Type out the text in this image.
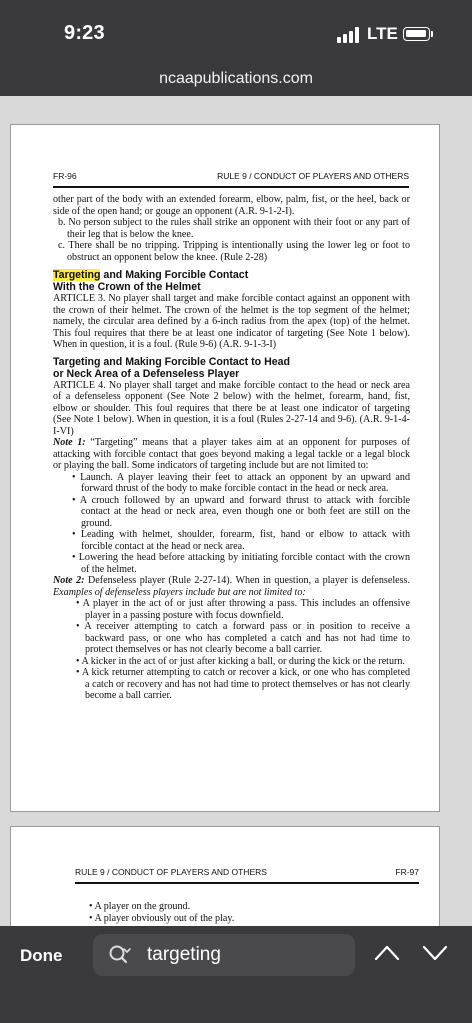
9:23	LTE
ncaapublications.com
FR-96	RULE 9 / CONDUCT OF PLAYERS AND OTHERS

other part of the body with an extended forearm, elbow, palm, fist, or the heel, back or side of the open hand; or gouge an opponent (A.R. 9-1-2-I).

b. No person subject to the rules shall strike an opponent with their foot or any part of their leg that is below the knee.

c. There shall be no tripping. Tripping is intentionally using the lower leg or foot to obstruct an opponent below the knee. (Rule 2-28)

Targeting and Making Forcible Contact
With the Crown of the Helmet

ARTICLE 3. No player shall target and make forcible contact against an opponent with the crown of their helmet. The crown of the helmet is the top segment of the helmet; namely, the circular area defined by a 6-inch radius from the apex (top) of the helmet. This foul requires that there be at least one indicator of targeting (See Note 1 below). When in question, it is a foul. (Rule 9-6) (A.R. 9-1-3-I)

Targeting and Making Forcible Contact to Head
or Neck Area of a Defenseless Player

ARTICLE 4. No player shall target and make forcible contact to the head or neck area of a defenseless opponent (See Note 2 below) with the helmet, forearm, hand, fist, elbow or shoulder. This foul requires that there be at least one indicator of targeting (See Note 1 below). When in question, it is a foul (Rules 2-27-14 and 9-6). (A.R. 9-1-4-I-VI)

Note 1: “Targeting” means that a player takes aim at an opponent for purposes of attacking with forcible contact that goes beyond making a legal tackle or a legal block or playing the ball. Some indicators of targeting include but are not limited to:

• Launch. A player leaving their feet to attack an opponent by an upward and forward thrust of the body to make forcible contact in the head or neck area.

• A crouch followed by an upward and forward thrust to attack with forcible contact at the head or neck area, even though one or both feet are still on the ground.

• Leading with helmet, shoulder, forearm, fist, hand or elbow to attack with forcible contact at the head or neck area.

• Lowering the head before attacking by initiating forcible contact with the crown of the helmet.

Note 2: Defenseless player (Rule 2-27-14). When in question, a player is defenseless. Examples of defenseless players include but are not limited to:

• A player in the act of or just after throwing a pass. This includes an offensive player in a passing posture with focus downfield.

• A receiver attempting to catch a forward pass or in position to receive a backward pass, or one who has completed a catch and has not had time to protect themselves or has not clearly become a ball carrier.

• A kicker in the act of or just after kicking a ball, or during the kick or the return.

• A kick returner attempting to catch or recover a kick, or one who has completed a catch or recovery and has not had time to protect themselves or has not clearly become a ball carrier.

RULE 9 / CONDUCT OF PLAYERS AND OTHERS	FR-97

• A player on the ground.

• A player obviously out of the play.

Done	targeting
